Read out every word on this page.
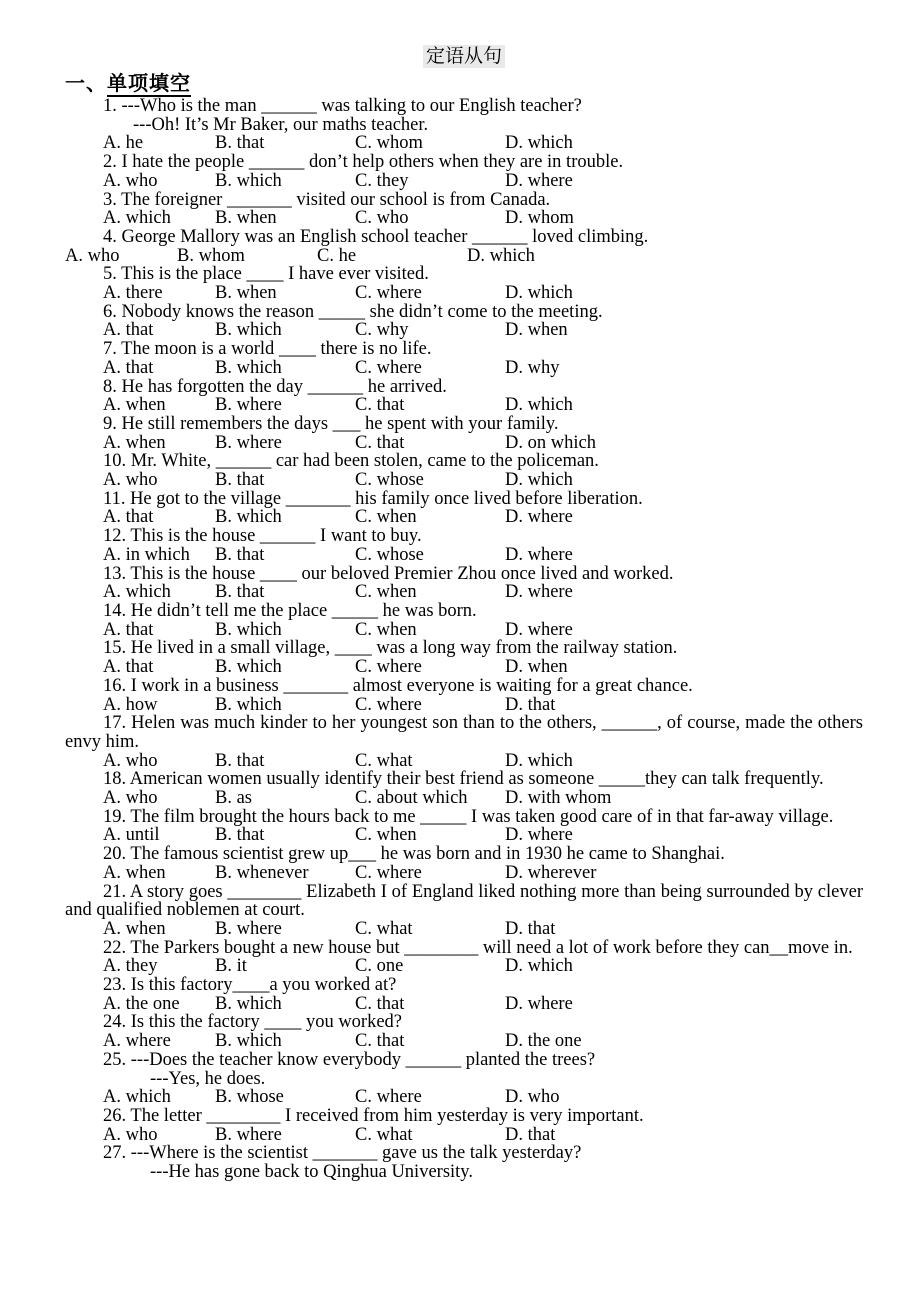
定语从句
一、单项填空
1. ---Who is the man ______ was talking to our English teacher?
---Oh! It’s Mr Baker, our maths teacher.
A. he	B. that	C. whom	D. which
2. I hate the people ______ don’t help others when they are in trouble.
A. who	B. which	C. they	D. where
3. The foreigner _______ visited our school is from Canada.
A. which	B. when	C. who	D. whom
4. George Mallory was an English school teacher ______ loved climbing.
A. who	B. whom	C. he	D. which
5. This is the place ____ I have ever visited.
A. there	B. when	C. where	D. which
6. Nobody knows the reason _____ she didn’t come to the meeting.
A. that	B. which	C. why	D. when
7. The moon is a world ____ there is no life.
A. that	B. which	C. where	D. why
8. He has forgotten the day ______ he arrived.
A. when	B. where	C. that	D. which
9. He still remembers the days ___ he spent with your family.
A. when	B. where	C. that	D. on which
10. Mr. White, ______ car had been stolen, came to the policeman.
A. who	B. that	C. whose	D. which
11. He got to the village _______ his family once lived before liberation.
A. that	B. which	C. when	D. where
12. This is the house ______ I want to buy.
A. in which	B. that	C. whose	D. where
13. This is the house ____ our beloved Premier Zhou once lived and worked.
A. which	B. that	C. when	D. where
14. He didn’t tell me the place _____ he was born.
A. that	B. which	C. when	D. where
15. He lived in a small village, ____ was a long way from the railway station.
A. that	B. which	C. where	D. when
16. I work in a business _______ almost everyone is waiting for a great chance.
A. how	B. which	C. where	D. that
17. Helen was much kinder to her youngest son than to the others, ______, of course, made the others envy him.
A. who	B. that	C. what	D. which
18. American women usually identify their best friend as someone _____they can talk frequently.
A. who	B. as	C. about which	D. with whom
19. The film brought the hours back to me _____ I was taken good care of in that far-away village.
A. until	B. that	C. when	D. where
20. The famous scientist grew up___ he was born and in 1930 he came to Shanghai.
A. when	B. whenever	C. where	D. wherever
21. A story goes ________ Elizabeth I of England liked nothing more than being surrounded by clever and qualified noblemen at court.
A. when	B. where	C. what	D. that
22. The Parkers bought a new house but ________ will need a lot of work before they can__move in.
A. they	B. it	C. one	D. which
23. Is this factory____a you worked at?
A. the one	B. which	C. that	D. where
24. Is this the factory ____ you worked?
A. where	B. which	C. that	D. the one
25. ---Does the teacher know everybody ______ planted the trees?
---Yes, he does.
A. which	B. whose	C. where	D. who
26. The letter ________ I received from him yesterday is very important.
A. who	B. where	C. what	D. that
27. ---Where is the scientist _______ gave us the talk yesterday?
---He has gone back to Qinghua University.
